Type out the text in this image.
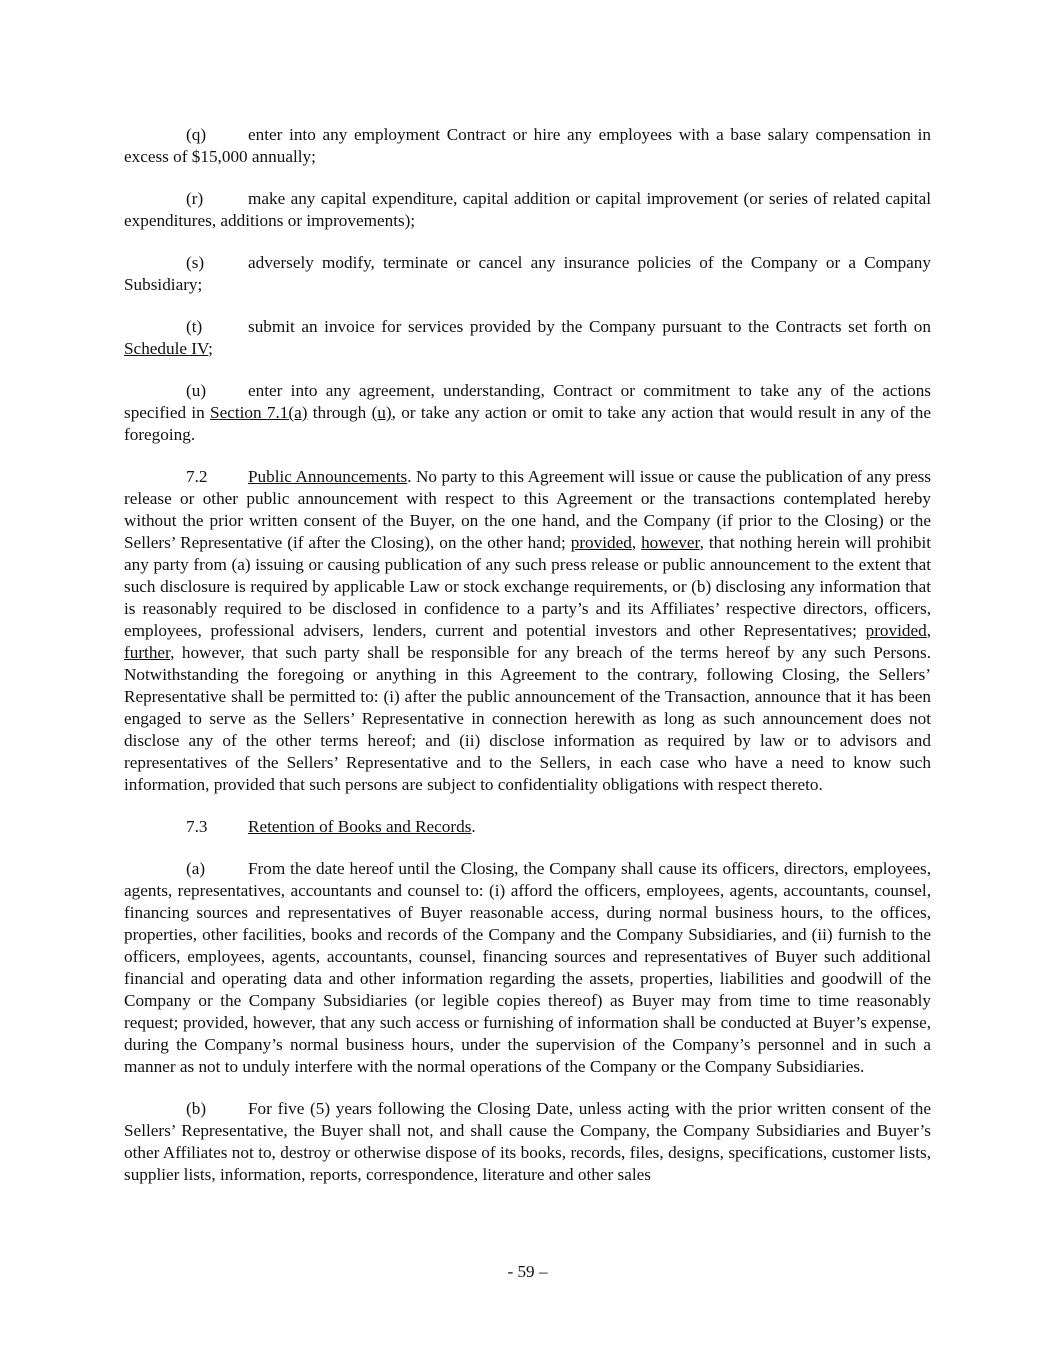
(q) enter into any employment Contract or hire any employees with a base salary compensation in excess of $15,000 annually;

(r)	make any capital expenditure, capital addition or capital improvement (or series of related capital expenditures, additions or improvements);

(s)	adversely modify, terminate or cancel any insurance policies of the Company or a Company Subsidiary;

(t)	submit an invoice for services provided by the Company pursuant to the Contracts set forth on Schedule IV;

(u) enter into any agreement, understanding, Contract or commitment to take any of the actions specified in Section 7.1(a) through (u), or take any action or omit to take any action that would result in any of the foregoing.

7.2 Public Announcements. No party to this Agreement will issue or cause the publication of any press release or other public announcement with respect to this Agreement or the transactions contemplated hereby without the prior written consent of the Buyer, on the one hand, and the Company (if prior to the Closing) or the Sellers’ Representative (if after the Closing), on the other hand; provided, however, that nothing herein will prohibit any party from (a) issuing or causing publication of any such press release or public announcement to the extent that such disclosure is required by applicable Law or stock exchange requirements, or (b) disclosing any information that is reasonably required to be disclosed in confidence to a party’s and its Affiliates’ respective directors, officers, employees, professional advisers, lenders, current and potential investors and other Representatives; provided, further, however, that such party shall be responsible for any breach of the terms hereof by any such Persons. Notwithstanding the foregoing or anything in this Agreement to the contrary, following Closing, the Sellers’ Representative shall be permitted to: (i) after the public announcement of the Transaction, announce that it has been engaged to serve as the Sellers’ Representative in connection herewith as long as such announcement does not disclose any of the other terms hereof; and (ii) disclose information as required by law or to advisors and representatives of the Sellers’ Representative and to the Sellers, in each case who have a need to know such information, provided that such persons are subject to confidentiality obligations with respect thereto.

7.3 Retention of Books and Records.

(a) From the date hereof until the Closing, the Company shall cause its officers, directors, employees, agents, representatives, accountants and counsel to: (i) afford the officers, employees, agents, accountants, counsel, financing sources and representatives of Buyer reasonable access, during normal business hours, to the offices, properties, other facilities, books and records of the Company and the Company Subsidiaries, and (ii) furnish to the officers, employees, agents, accountants, counsel, financing sources and representatives of Buyer such additional financial and operating data and other information regarding the assets, properties, liabilities and goodwill of the Company or the Company Subsidiaries (or legible copies thereof) as Buyer may from time to time reasonably request; provided, however, that any such access or furnishing of information shall be conducted at Buyer’s expense, during the Company’s normal business hours, under the supervision of the Company’s personnel and in such a manner as not to unduly interfere with the normal operations of the Company or the Company Subsidiaries.

(b) For five (5) years following the Closing Date, unless acting with the prior written consent of the Sellers’ Representative, the Buyer shall not, and shall cause the Company, the Company Subsidiaries and Buyer’s other Affiliates not to, destroy or otherwise dispose of its books, records, files, designs, specifications, customer lists, supplier lists, information, reports, correspondence, literature and other sales

- 59 –
